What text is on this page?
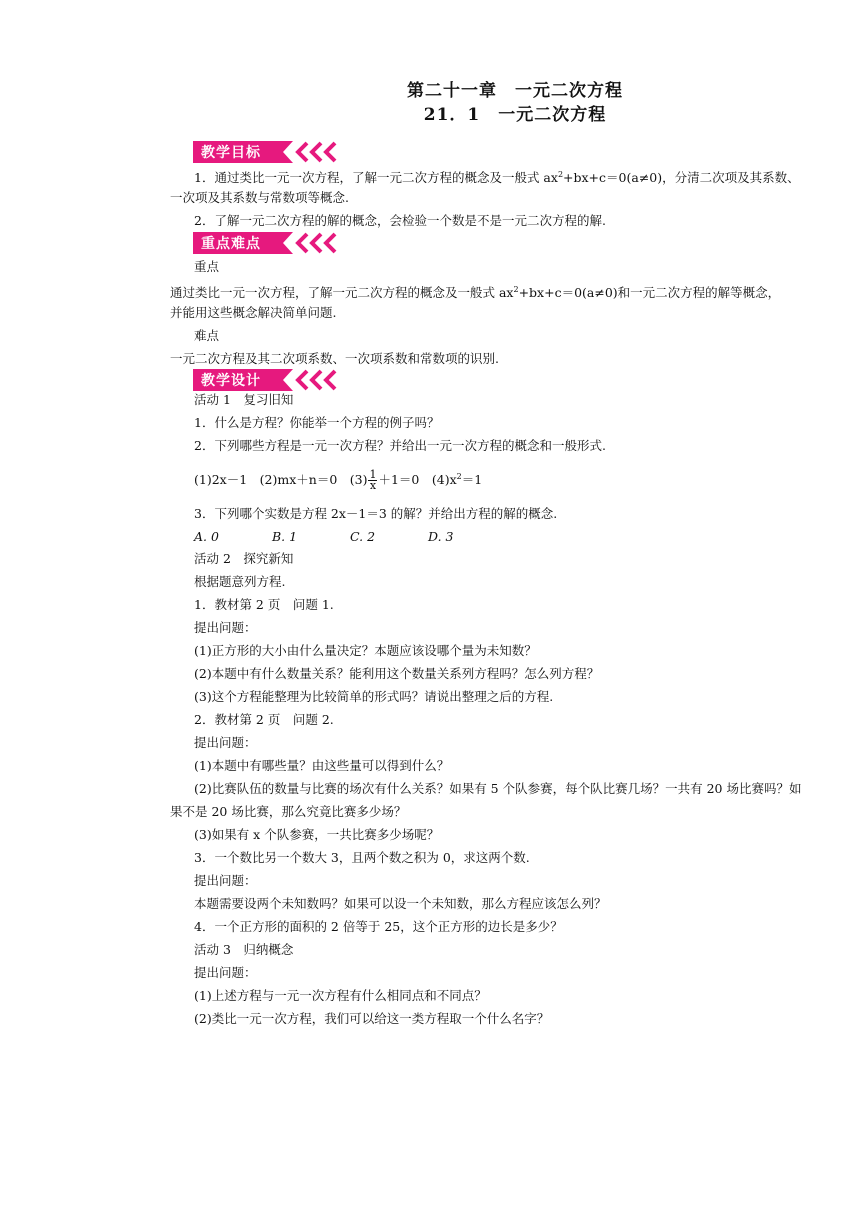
第二十一章　一元二次方程
21．1　一元二次方程
教学目标
1．通过类比一元一次方程，了解一元二次方程的概念及一般式 $ax^2+bx+c=0(a\ne 0)$，分清二次项及其系数、
一次项及其系数与常数项等概念.
2．了解一元二次方程的解的概念，会检验一个数是不是一元二次方程的解.
重点难点
重点
通过类比一元一次方程，了解一元二次方程的概念及一般式 $ax^2+bx+c=0(a\ne 0)$和一元二次方程的解等概念，
并能用这些概念解决简单问题.
难点
一元二次方程及其二次项系数、一次项系数和常数项的识别.
教学设计
活动 1　复习旧知
1．什么是方程？你能举一个方程的例子吗？
2．下列哪些方程是一元一次方程？并给出一元一次方程的概念和一般形式.
(1)2x－1　(2)mx＋n＝0　$(3) \frac{1}{x} +1=0$　$(4)x^2=1$
3．下列哪个实数是方程 2x－1＝3 的解？并给出方程的解的概念.
A. 0	B. 1	C. 2	D. 3
活动 2　探究新知
根据题意列方程.
1．教材第 2 页　问题 1.
提出问题：
(1)正方形的大小由什么量决定？本题应该设哪个量为未知数？
(2)本题中有什么数量关系？能利用这个数量关系列方程吗？怎么列方程？
(3)这个方程能整理为比较简单的形式吗？请说出整理之后的方程.
2．教材第 2 页　问题 2.
提出问题：
(1)本题中有哪些量？由这些量可以得到什么？
(2)比赛队伍的数量与比赛的场次有什么关系？如果有 5 个队参赛，每个队比赛几场？一共有 20 场比赛吗？如
果不是 20 场比赛，那么究竟比赛多少场？
(3)如果有 x 个队参赛，一共比赛多少场呢？
3．一个数比另一个数大 3，且两个数之积为 0，求这两个数.
提出问题：
本题需要设两个未知数吗？如果可以设一个未知数，那么方程应该怎么列？
4．一个正方形的面积的 2 倍等于 25，这个正方形的边长是多少？
活动 3　归纳概念
提出问题：
(1)上述方程与一元一次方程有什么相同点和不同点？
(2)类比一元一次方程，我们可以给这一类方程取一个什么名字？
